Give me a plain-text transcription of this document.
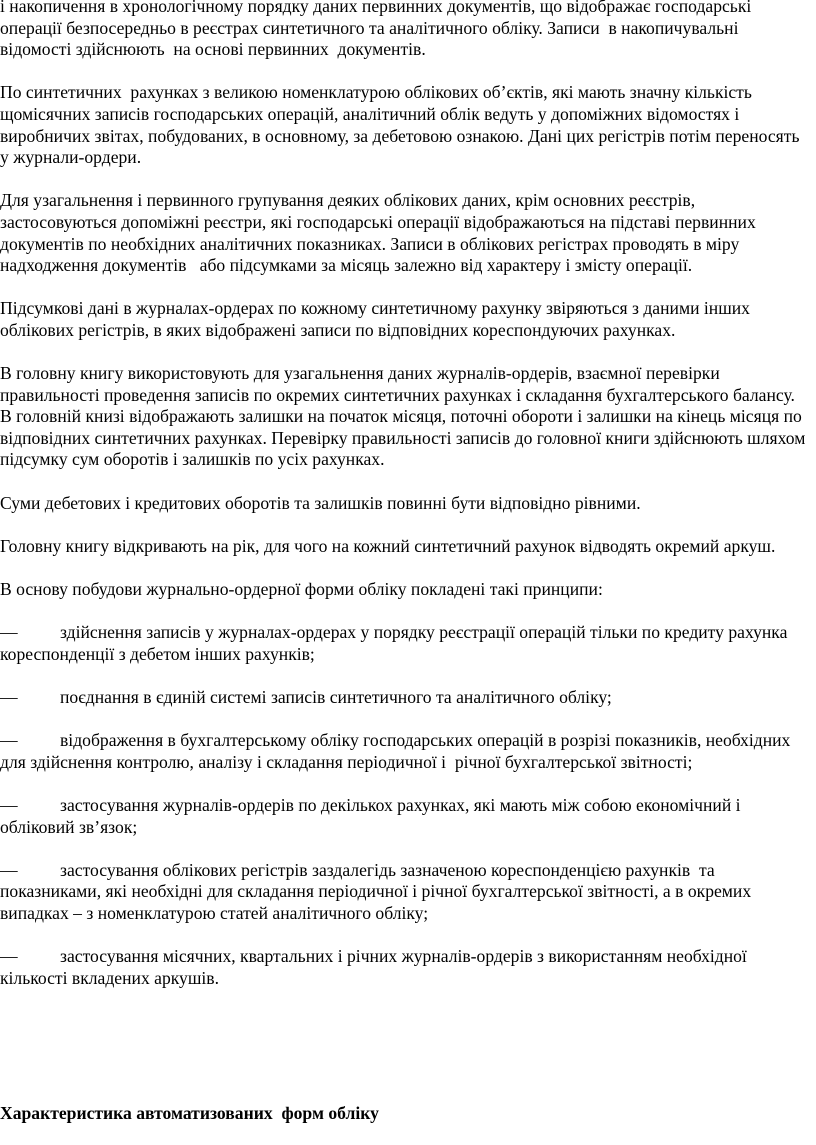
і накопичення в хронологічному порядку даних первинних документів, що відображає господарські операції безпосередньо в реєстрах синтетичного та аналітичного обліку. Записи  в накопичувальні відомості здійснюють  на основі первинних  документів.

По синтетичних  рахунках з великою номенклатурою облікових об’єктів, які мають значну кількість щомісячних записів господарських операцій, аналітичний облік ведуть у допоміжних відомостях і виробничих звітах, побудованих, в основному, за дебетовою ознакою. Дані цих регістрів потім переносять у журнали-ордери.

Для узагальнення і первинного групування деяких облікових даних, крім основних реєстрів, застосовуються допоміжні реєстри, які господарські операції відображаються на підставі первинних документів по необхідних аналітичних показниках. Записи в облікових регістрах проводять в міру надходження документів   або підсумками за місяць залежно від характеру і змісту операції.

Підсумкові дані в журналах-ордерах по кожному синтетичному рахунку звіряються з даними інших облікових регістрів, в яких відображені записи по відповідних кореспондуючих рахунках.

В головну книгу використовують для узагальнення даних журналів-ордерів, взаємної перевірки правильності проведення записів по окремих синтетичних рахунках і складання бухгалтерського балансу. В головній книзі відображають залишки на початок місяця, поточні обороти і залишки на кінець місяця по відповідних синтетичних рахунках. Перевірку правильності записів до головної книги здійснюють шляхом підсумку сум оборотів і залишків по усіх рахунках.

Суми дебетових і кредитових оборотів та залишків повинні бути відповідно рівними.

Головну книгу відкривають на рік, для чого на кожний синтетичний рахунок відводять окремий аркуш.

В основу побудови журнально-ордерної форми обліку покладені такі принципи:

— здійснення записів у журналах-ордерах у порядку реєстрації операцій тільки по кредиту рахунка кореспонденції з дебетом інших рахунків;

— поєднання в єдиній системі записів синтетичного та аналітичного обліку;

— відображення в бухгалтерському обліку господарських операцій в розрізі показників, необхідних для здійснення контролю, аналізу і складання періодичної і  річної бухгалтерської звітності;

— застосування журналів-ордерів по декількох рахунках, які мають між собою економічний і обліковий зв’язок;

— застосування облікових регістрів заздалегідь зазначеною кореспонденцією рахунків  та показниками, які необхідні для складання періодичної і річної бухгалтерської звітності, а в окремих випадках – з номенклатурою статей аналітичного обліку;

— застосування місячних, квартальних і річних журналів-ордерів з використанням необхідної кількості вкладених аркушів.

Характеристика автоматизованих  форм обліку
